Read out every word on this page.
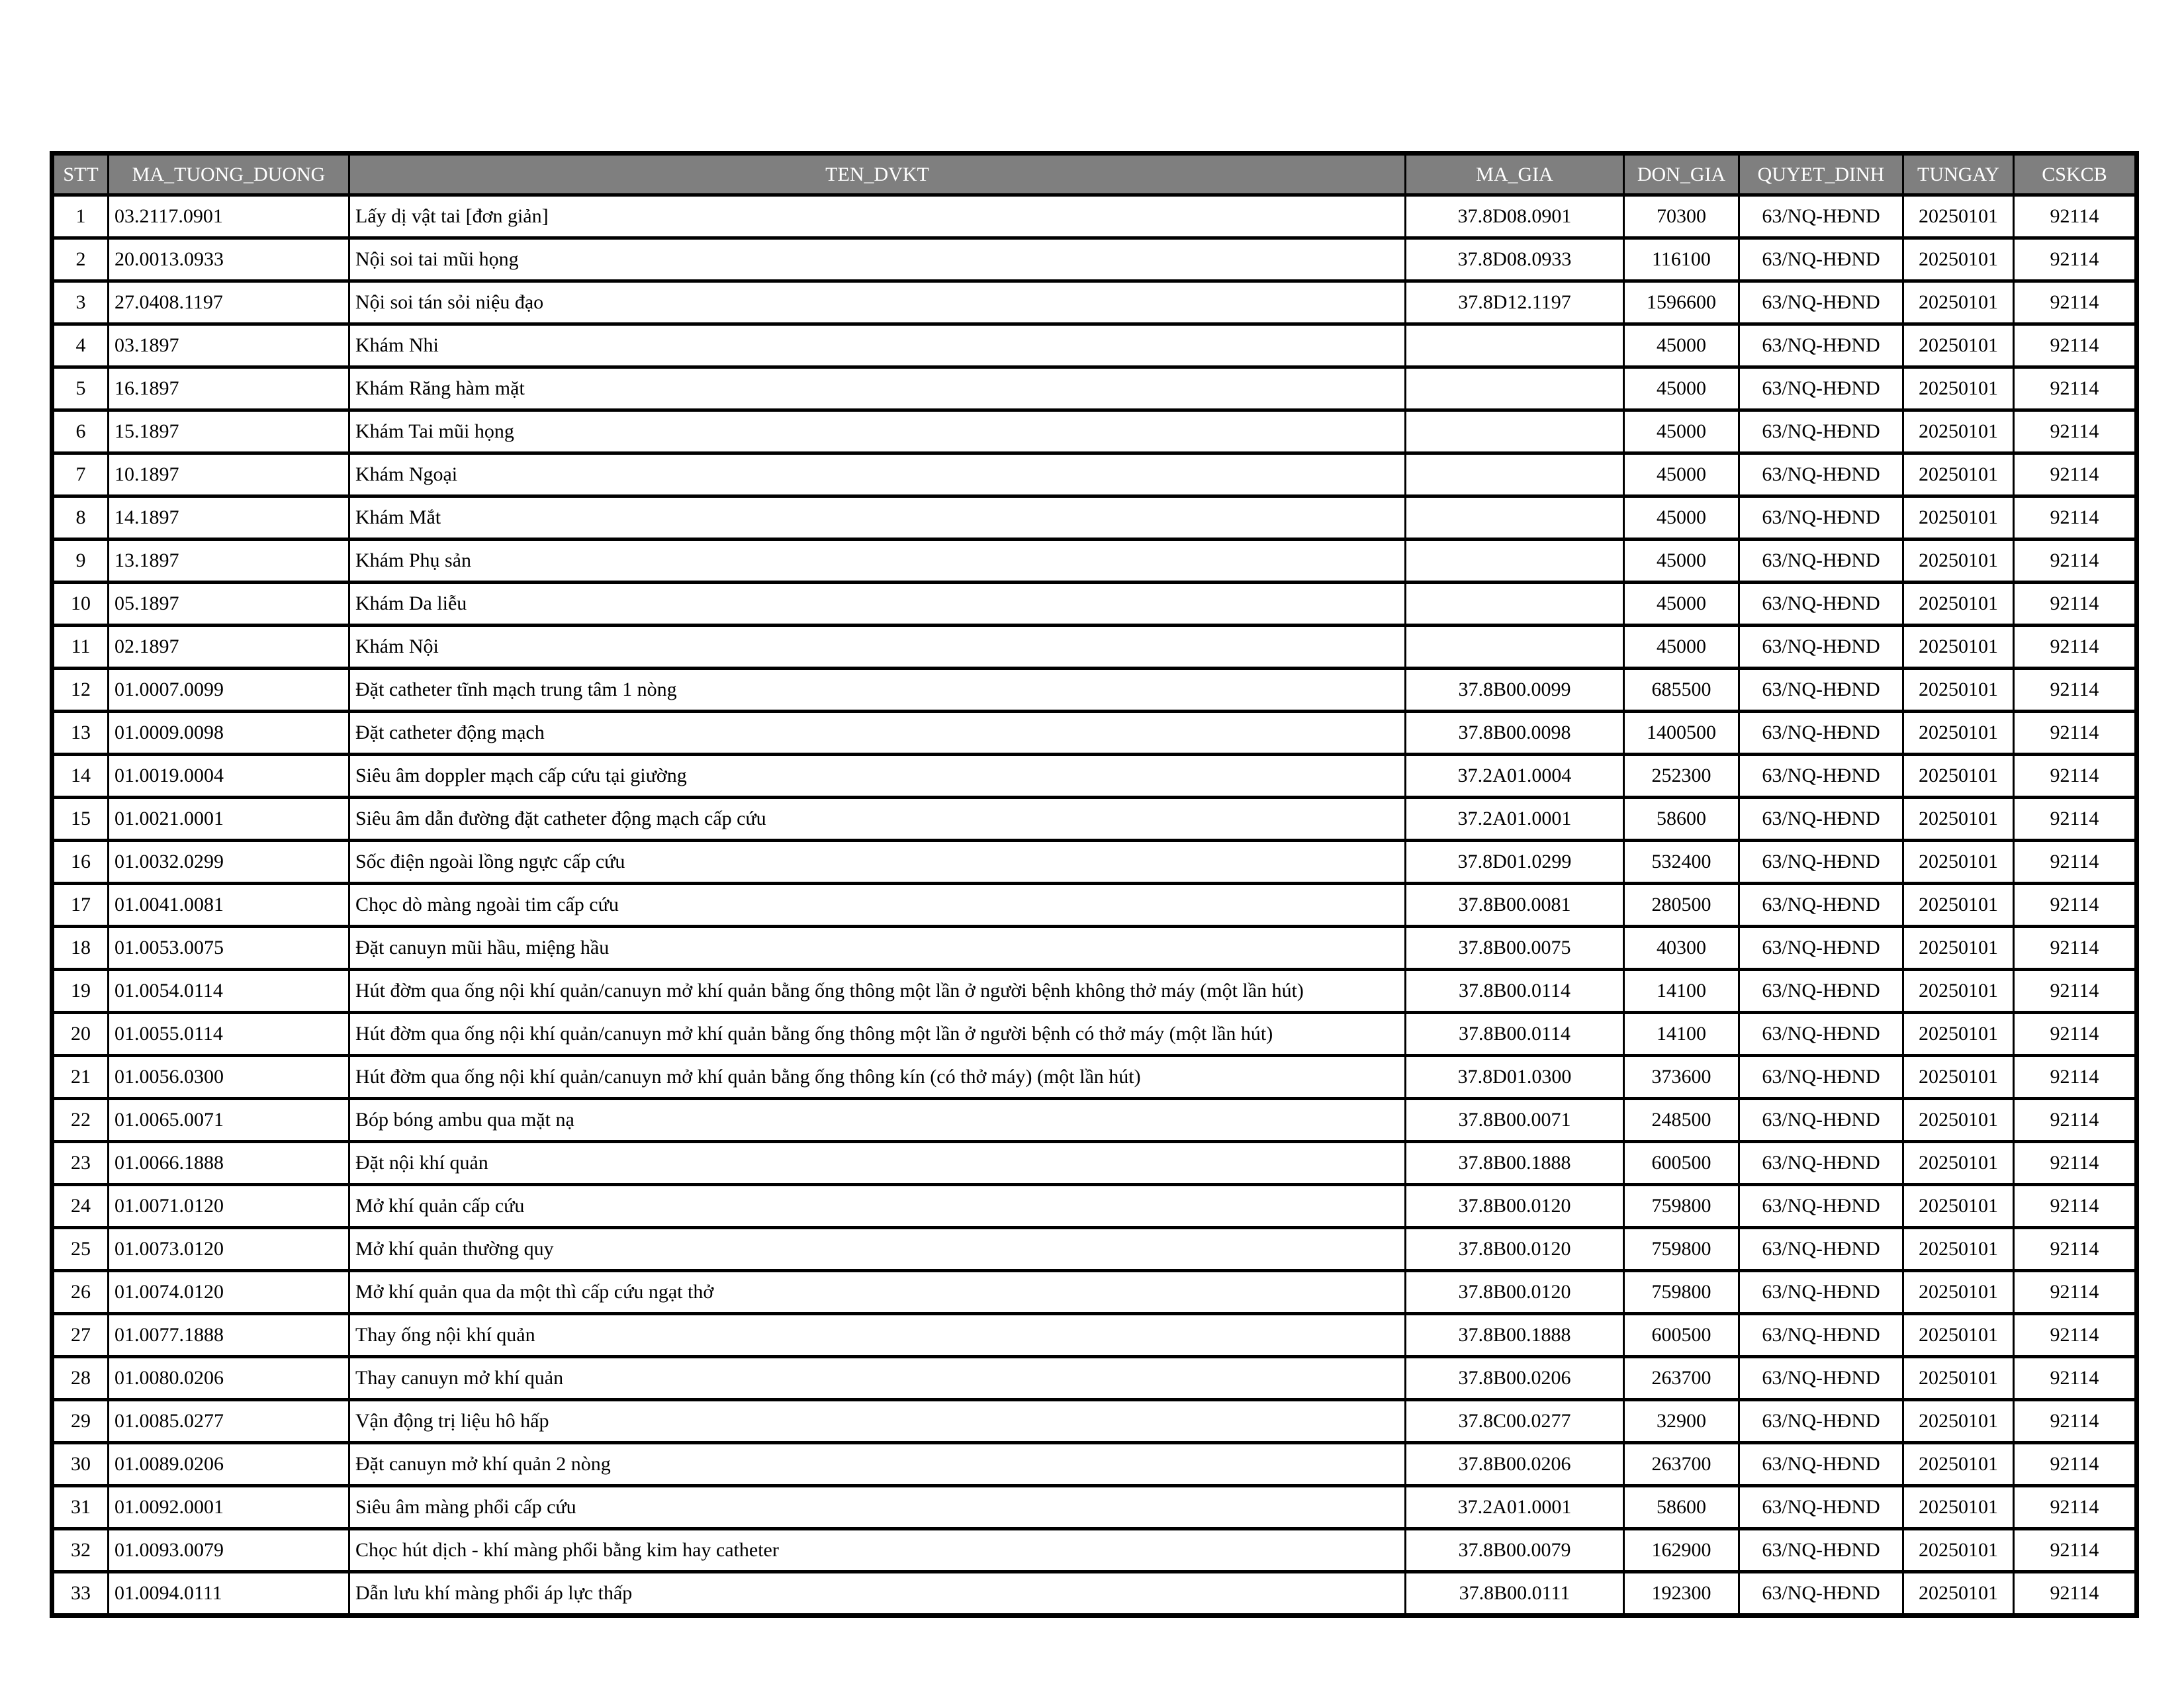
STT	MA_TUONG_DUONG	TEN_DVKT	MA_GIA	DON_GIA	QUYET_DINH	TUNGAY	CSKCB
1	03.2117.0901	Lấy dị vật tai [đơn giản]	37.8D08.0901	70300	63/NQ-HĐND	20250101	92114
2	20.0013.0933	Nội soi tai mũi họng	37.8D08.0933	116100	63/NQ-HĐND	20250101	92114
3	27.0408.1197	Nội soi tán sỏi niệu đạo	37.8D12.1197	1596600	63/NQ-HĐND	20250101	92114
4	03.1897	Khám Nhi		45000	63/NQ-HĐND	20250101	92114
5	16.1897	Khám Răng hàm mặt		45000	63/NQ-HĐND	20250101	92114
6	15.1897	Khám Tai mũi họng		45000	63/NQ-HĐND	20250101	92114
7	10.1897	Khám Ngoại		45000	63/NQ-HĐND	20250101	92114
8	14.1897	Khám Mắt		45000	63/NQ-HĐND	20250101	92114
9	13.1897	Khám Phụ sản		45000	63/NQ-HĐND	20250101	92114
10	05.1897	Khám Da liễu		45000	63/NQ-HĐND	20250101	92114
11	02.1897	Khám Nội		45000	63/NQ-HĐND	20250101	92114
12	01.0007.0099	Đặt catheter tĩnh mạch trung tâm 1 nòng	37.8B00.0099	685500	63/NQ-HĐND	20250101	92114
13	01.0009.0098	Đặt catheter động mạch	37.8B00.0098	1400500	63/NQ-HĐND	20250101	92114
14	01.0019.0004	Siêu âm doppler mạch cấp cứu tại giường	37.2A01.0004	252300	63/NQ-HĐND	20250101	92114
15	01.0021.0001	Siêu âm dẫn đường đặt catheter động mạch cấp cứu	37.2A01.0001	58600	63/NQ-HĐND	20250101	92114
16	01.0032.0299	Sốc điện ngoài lồng ngực cấp cứu	37.8D01.0299	532400	63/NQ-HĐND	20250101	92114
17	01.0041.0081	Chọc dò màng ngoài tim cấp cứu	37.8B00.0081	280500	63/NQ-HĐND	20250101	92114
18	01.0053.0075	Đặt canuyn mũi hầu, miệng hầu	37.8B00.0075	40300	63/NQ-HĐND	20250101	92114
19	01.0054.0114	Hút đờm qua ống nội khí quản/canuyn mở khí quản bằng ống thông một lần ở người bệnh không thở máy (một lần hút)	37.8B00.0114	14100	63/NQ-HĐND	20250101	92114
20	01.0055.0114	Hút đờm qua ống nội khí quản/canuyn mở khí quản bằng ống thông một lần ở người bệnh có thở máy (một lần hút)	37.8B00.0114	14100	63/NQ-HĐND	20250101	92114
21	01.0056.0300	Hút đờm qua ống nội khí quản/canuyn mở khí quản bằng ống thông kín (có thở máy) (một lần hút)	37.8D01.0300	373600	63/NQ-HĐND	20250101	92114
22	01.0065.0071	Bóp bóng ambu qua mặt nạ	37.8B00.0071	248500	63/NQ-HĐND	20250101	92114
23	01.0066.1888	Đặt nội khí quản	37.8B00.1888	600500	63/NQ-HĐND	20250101	92114
24	01.0071.0120	Mở khí quản cấp cứu	37.8B00.0120	759800	63/NQ-HĐND	20250101	92114
25	01.0073.0120	Mở khí quản thường quy	37.8B00.0120	759800	63/NQ-HĐND	20250101	92114
26	01.0074.0120	Mở khí quản qua da một thì cấp cứu ngạt thở	37.8B00.0120	759800	63/NQ-HĐND	20250101	92114
27	01.0077.1888	Thay ống nội khí quản	37.8B00.1888	600500	63/NQ-HĐND	20250101	92114
28	01.0080.0206	Thay canuyn mở khí quản	37.8B00.0206	263700	63/NQ-HĐND	20250101	92114
29	01.0085.0277	Vận động trị liệu hô hấp	37.8C00.0277	32900	63/NQ-HĐND	20250101	92114
30	01.0089.0206	Đặt canuyn mở khí quản 2 nòng	37.8B00.0206	263700	63/NQ-HĐND	20250101	92114
31	01.0092.0001	Siêu âm màng phổi cấp cứu	37.2A01.0001	58600	63/NQ-HĐND	20250101	92114
32	01.0093.0079	Chọc hút dịch - khí màng phổi bằng kim hay catheter	37.8B00.0079	162900	63/NQ-HĐND	20250101	92114
33	01.0094.0111	Dẫn lưu khí màng phổi áp lực thấp	37.8B00.0111	192300	63/NQ-HĐND	20250101	92114
